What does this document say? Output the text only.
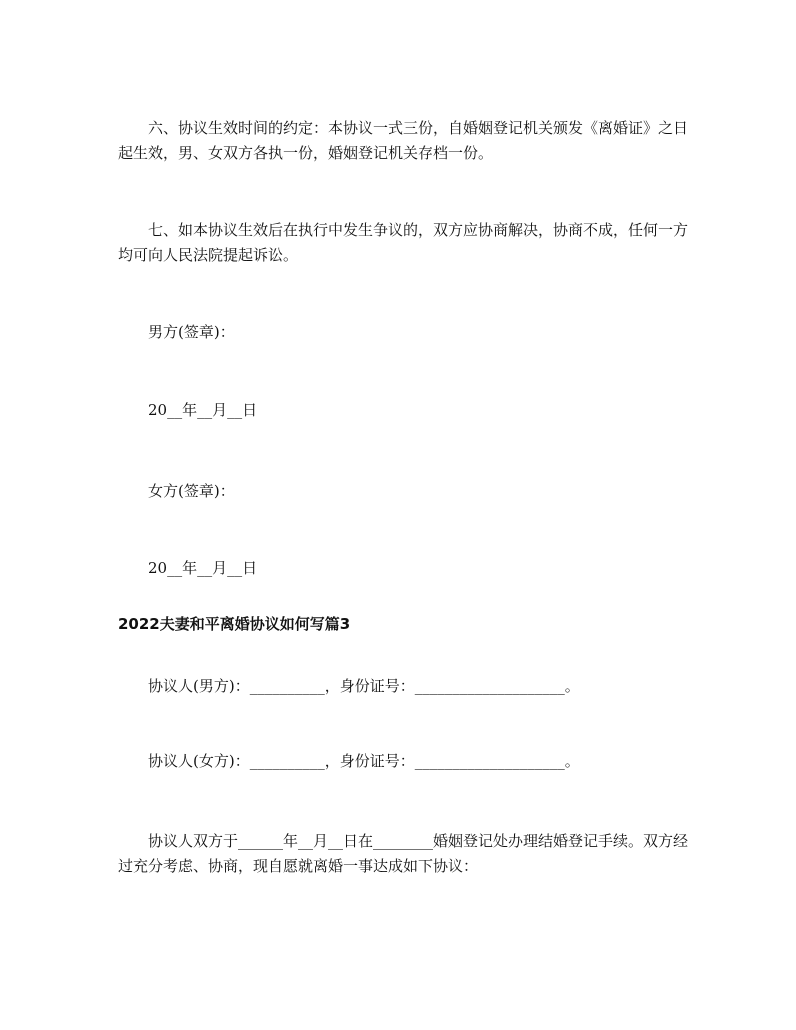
六、协议生效时间的约定：本协议一式三份，自婚姻登记机关颁发《离婚证》之日起生效，男、女双方各执一份，婚姻登记机关存档一份。
七、如本协议生效后在执行中发生争议的，双方应协商解决，协商不成，任何一方均可向人民法院提起诉讼。
男方(签章)：
20__年__月__日
女方(签章)：
20__年__月__日
2022夫妻和平离婚协议如何写篇3
协议人(男方)：__________，身份证号：____________________。
协议人(女方)：__________，身份证号：____________________。
协议人双方于______年__月__日在________婚姻登记处办理结婚登记手续。双方经过充分考虑、协商，现自愿就离婚一事达成如下协议：
